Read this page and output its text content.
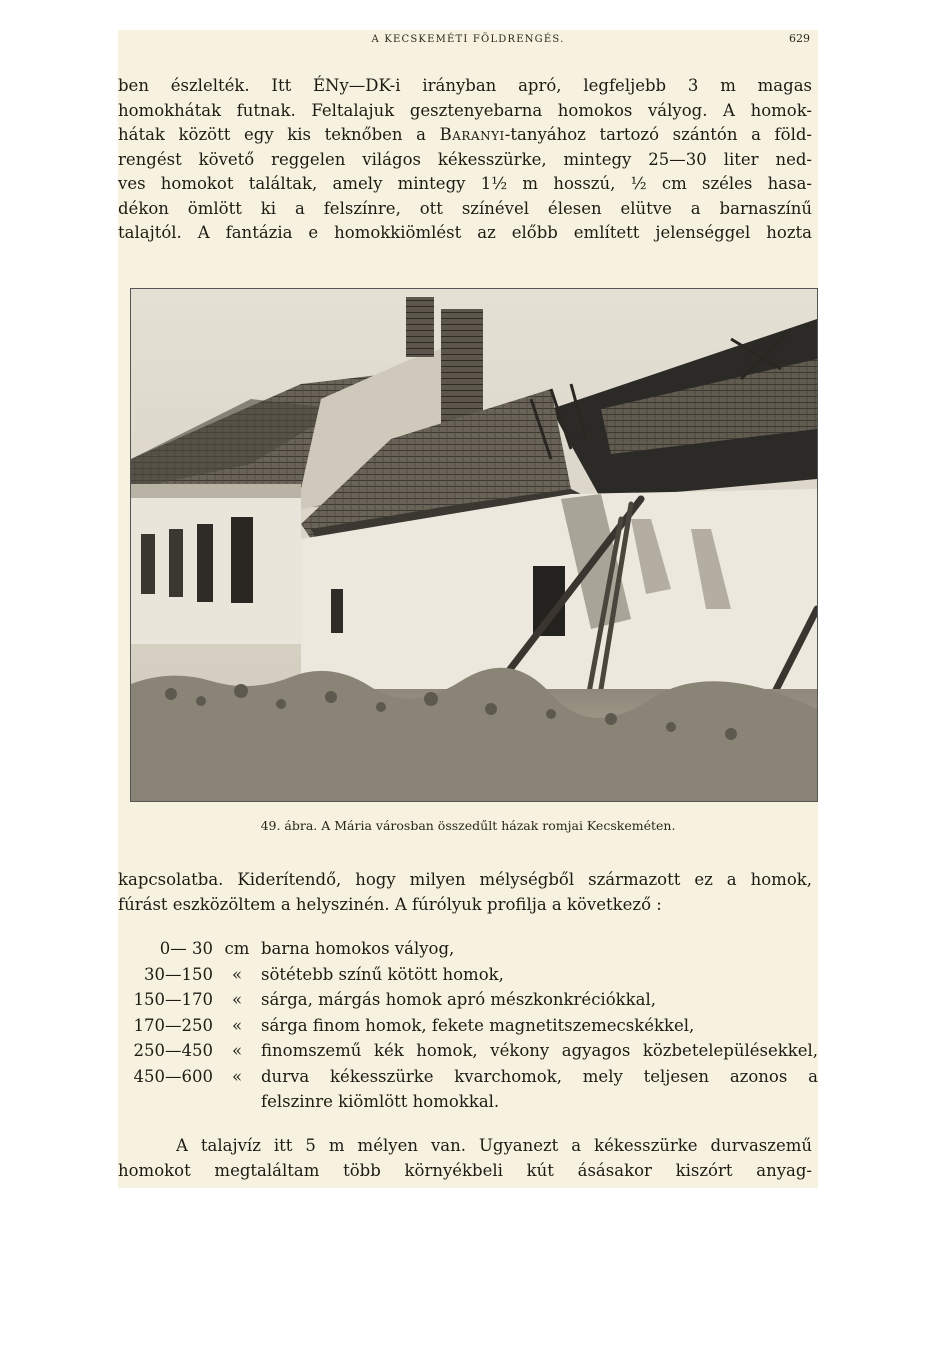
A KECSKEMÉTI FÖLDRENGÉS.	629
ben észlelték. Itt ÉNy—DK-i irányban apró, legfeljebb 3 m magas
homokhátak futnak. Feltalajuk gesztenyebarna homokos vályog. A homok-
hátak között egy kis teknőben a Baranyi-tanyához tartozó szántón a föld-
rengést követő reggelen világos kékesszürke, mintegy 25—30 liter ned-
ves homokot találtak, amely mintegy 1½ m hosszú, ½ cm széles hasa-
dékon ömlött ki a felszínre, ott színével élesen elütve a barnaszínű
talajtól. A fantázia e homokkiömlést az előbb említett jelenséggel hozta
49. ábra. A Mária városban összedűlt házak romjai Kecskeméten.
kapcsolatba. Kiderítendő, hogy milyen mélységből származott ez a homok,
fúrást eszközöltem a helyszinén. A fúrólyuk profilja a következő :
0— 30 cm barna homokos vályog,
30—150	«	sötétebb színű kötött homok,
150—170	«	sárga, márgás homok apró mészkonkréciókkal,
170—250	«	sárga finom homok, fekete magnetitszemecskékkel,
250—450	«	finomszemű kék homok, vékony agyagos közbetelepülésekkel,
450—600	«	durva kékesszürke kvarchomok, mely teljesen azonos a
felszinre kiömlött homokkal.
A talajvíz itt 5 m mélyen van. Ugyanezt a kékesszürke durvaszemű
homokot megtaláltam több környékbeli kút ásásakor kiszórt anyag-
